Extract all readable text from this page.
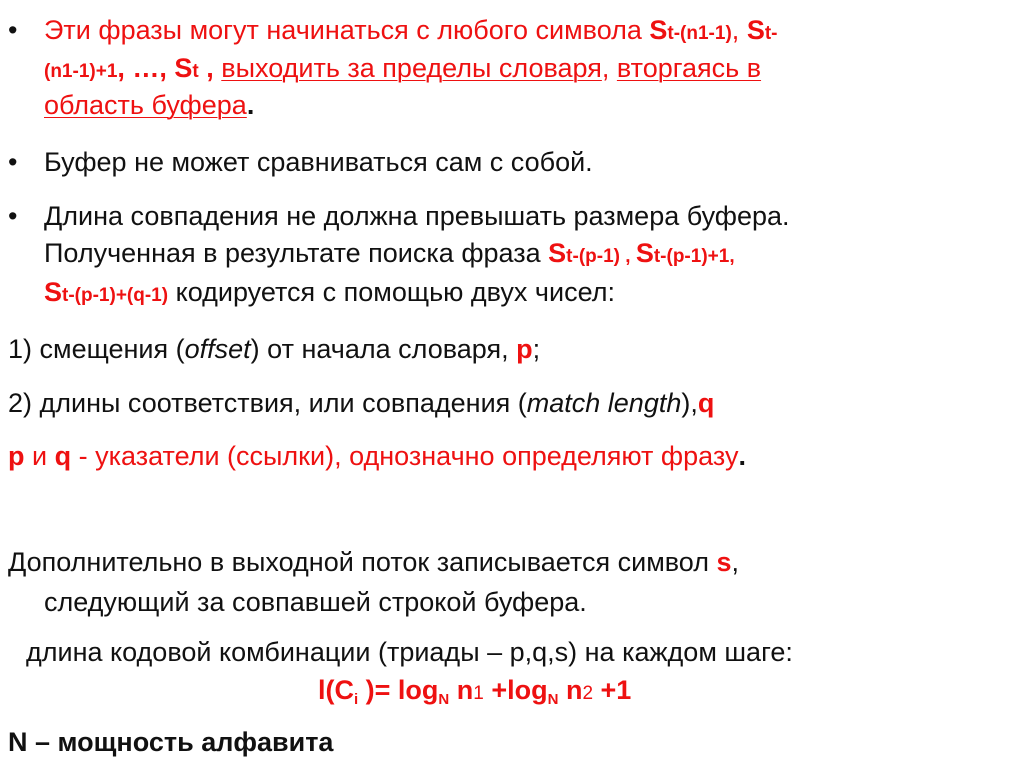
• Эти фразы могут начинаться с любого символа St-(n1-1), St-
(n1-1)+1, …, St , выходить за пределы словаря, вторгаясь в
область буфера.
• Буфер не может сравниваться сам с собой.
• Длина совпадения не должна превышать размера буфера.
Полученная в результате поиска фраза St-(p-1) , St-(p-1)+1,
St-(p-1)+(q-1) кодируется с помощью двух чисел:
1) смещения (offset) от начала словаря, p;
2) длины соответствия, или совпадения (match length),q
p и q - указатели (ссылки), однозначно определяют фразу.
Дополнительно в выходной поток записывается символ s,
следующий за совпавшей строкой буфера.
длина кодовой комбинации (триады – p,q,s) на каждом шаге:
l(Ci )= logN n1 +logN n2 +1
N – мощность алфавита
